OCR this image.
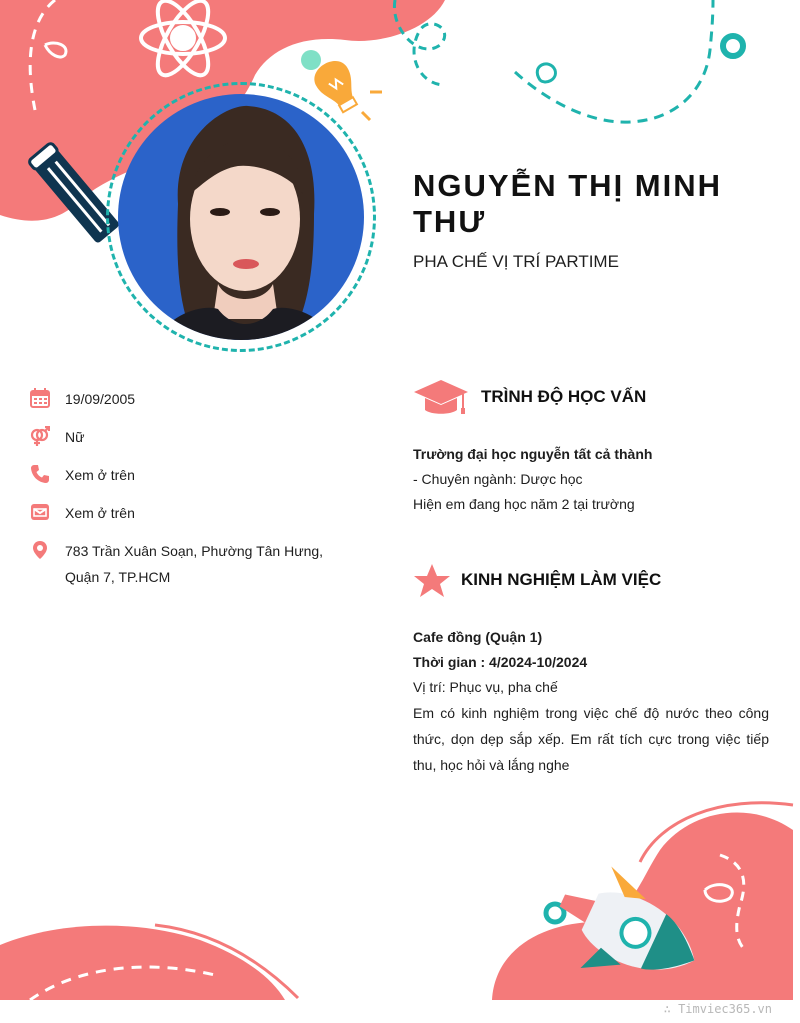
NGUYỄN THỊ MINH THƯ
PHA CHẾ VỊ TRÍ PARTIME
19/09/2005
Nữ
Xem ở trên
Xem ở trên
783 Trần Xuân Soạn, Phường Tân Hưng,
Quận 7, TP.HCM
TRÌNH ĐỘ HỌC VẤN
Trường đại học nguyễn tất cả thành
- Chuyên ngành: Dược học
Hiện em đang học năm 2 tại trường
KINH NGHIỆM LÀM VIỆC
Cafe đồng (Quận 1)
Thời gian : 4/2024-10/2024
Vị trí: Phục vụ, pha chế
Em có kinh nghiệm trong việc chế độ nước theo công thức, dọn dẹp sắp xếp. Em rất tích cực trong việc tiếp thu, học hỏi và lắng nghe
∴ Timviec365.vn
